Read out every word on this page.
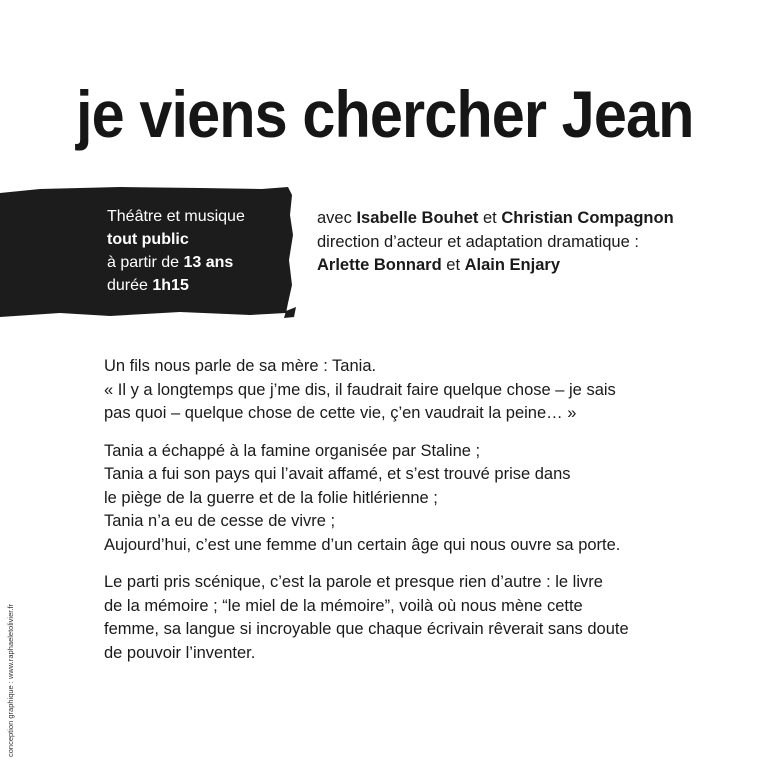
je viens chercher Jean
Théâtre et musique
tout public
à partir de 13 ans
durée 1h15
avec Isabelle Bouhet et Christian Compagnon
direction d’acteur et adaptation dramatique :
Arlette Bonnard et Alain Enjary

Un fils nous parle de sa mère : Tania.
« Il y a longtemps que j’me dis, il faudrait faire quelque chose – je sais
pas quoi – quelque chose de cette vie, ç’en vaudrait la peine… »

Tania a échappé à la famine organisée par Staline ;
Tania a fui son pays qui l’avait affamé, et s’est trouvé prise dans
le piège de la guerre et de la folie hitlérienne ;
Tania n’a eu de cesse de vivre ;
Aujourd’hui, c’est une femme d’un certain âge qui nous ouvre sa porte.

Le parti pris scénique, c’est la parole et presque rien d’autre : le livre
de la mémoire ; “le miel de la mémoire”, voilà où nous mène cette
femme, sa langue si incroyable que chaque écrivain rêverait sans doute
de pouvoir l’inventer.

conception graphique : www.raphaeletolivier.fr
